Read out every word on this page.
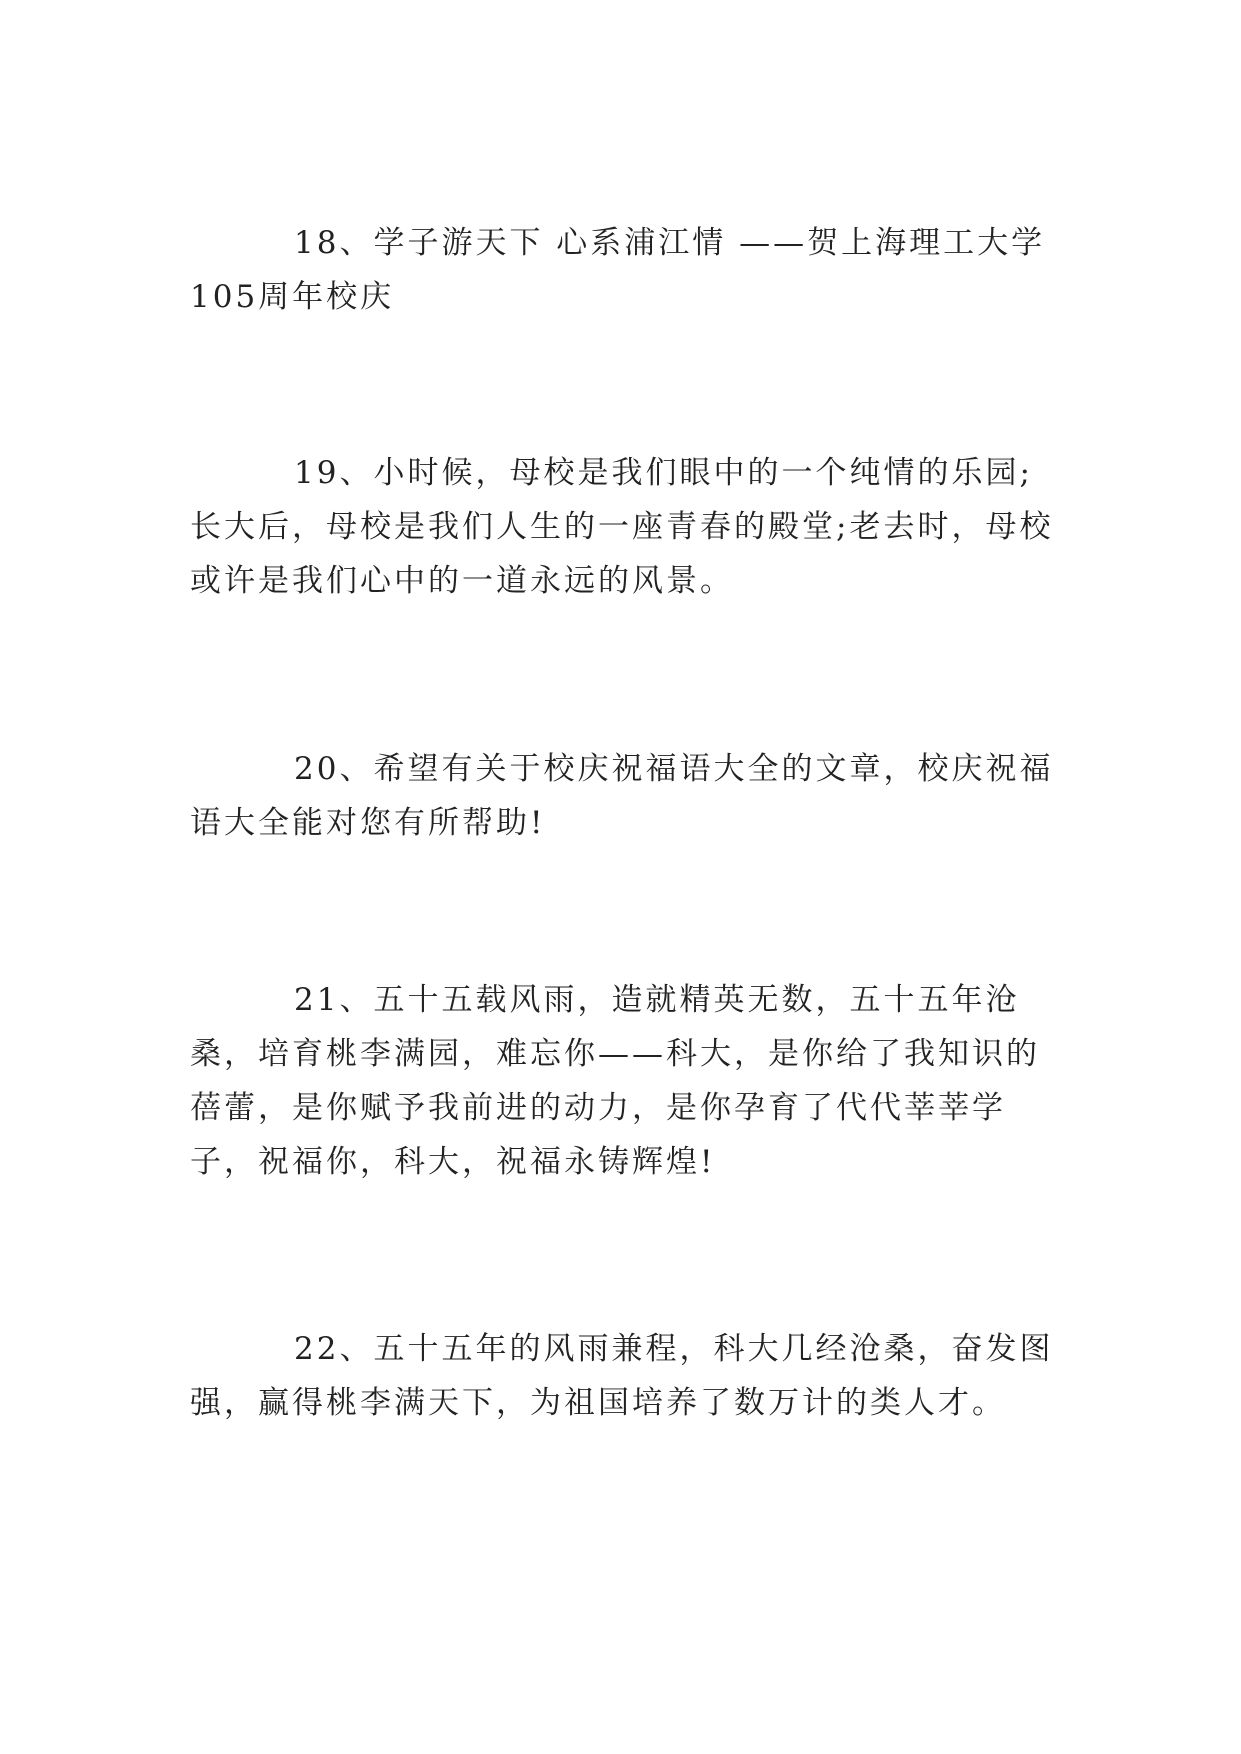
18、学子游天下 心系浦江情 ——贺上海理工大学105周年校庆

19、小时候，母校是我们眼中的一个纯情的乐园;长大后，母校是我们人生的一座青春的殿堂;老去时，母校或许是我们心中的一道永远的风景。

20、希望有关于校庆祝福语大全的文章，校庆祝福语大全能对您有所帮助!

21、五十五载风雨，造就精英无数，五十五年沧桑，培育桃李满园，难忘你——科大，是你给了我知识的蓓蕾，是你赋予我前进的动力，是你孕育了代代莘莘学子，祝福你，科大，祝福永铸辉煌!

22、五十五年的风雨兼程，科大几经沧桑，奋发图强，赢得桃李满天下，为祖国培养了数万计的类人才。
